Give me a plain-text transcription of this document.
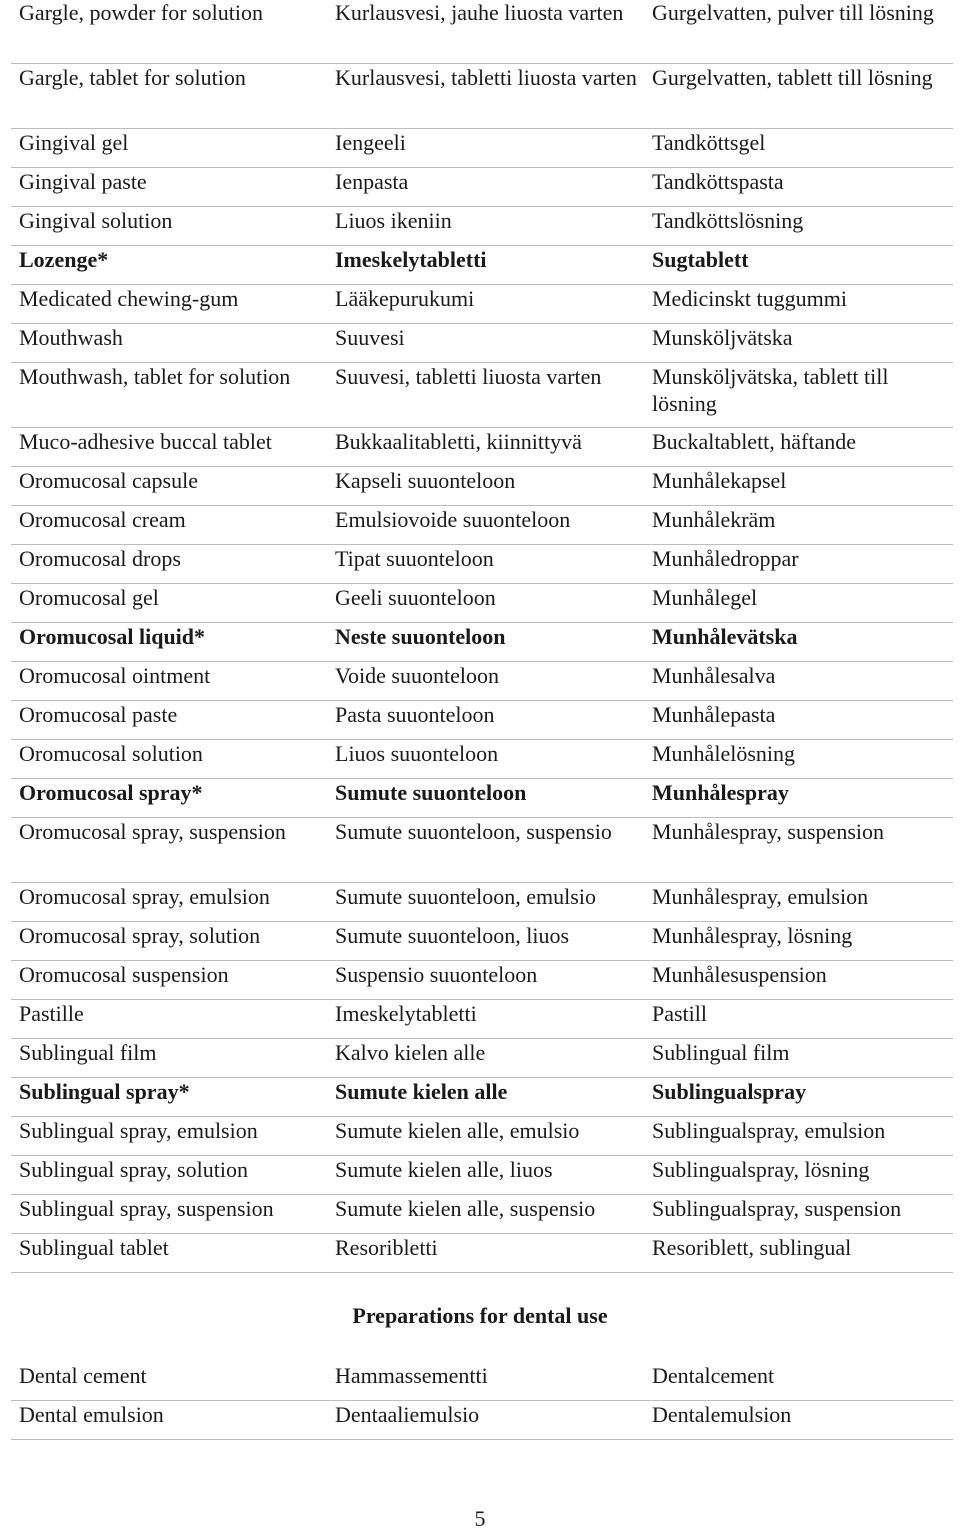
Gargle, powder for solution	Kurlausvesi, jauhe liuosta varten	Gurgelvatten, pulver till lösning
Gargle, tablet for solution	Kurlausvesi, tabletti liuosta varten	Gurgelvatten, tablett till lösning
Gingival gel	Iengeeli	Tandköttsgel
Gingival paste	Ienpasta	Tandköttspasta
Gingival solution	Liuos ikeniin	Tandköttslösning
Lozenge*	Imeskelytabletti	Sugtablett
Medicated chewing-gum	Lääkepurukumi	Medicinskt tuggummi
Mouthwash	Suuvesi	Munsköljvätska
Mouthwash, tablet for solution	Suuvesi, tabletti liuosta varten	Munsköljvätska, tablett till lösning
Muco-adhesive buccal tablet	Bukkaalitabletti, kiinnittyvä	Buckaltablett, häftande
Oromucosal capsule	Kapseli suuonteloon	Munhålekapsel
Oromucosal cream	Emulsiovoide suuonteloon	Munhålekräm
Oromucosal drops	Tipat suuonteloon	Munhåledroppar
Oromucosal gel	Geeli suuonteloon	Munhålegel
Oromucosal liquid*	Neste suuonteloon	Munhålevätska
Oromucosal ointment	Voide suuonteloon	Munhålesalva
Oromucosal paste	Pasta suuonteloon	Munhålepasta
Oromucosal solution	Liuos suuonteloon	Munhålelösning
Oromucosal spray*	Sumute suuonteloon	Munhålespray
Oromucosal spray, suspension	Sumute suuonteloon, suspensio	Munhålespray, suspension
Oromucosal spray, emulsion	Sumute suuonteloon, emulsio	Munhålespray, emulsion
Oromucosal spray, solution	Sumute suuonteloon, liuos	Munhålespray, lösning
Oromucosal suspension	Suspensio suuonteloon	Munhålesuspension
Pastille	Imeskelytabletti	Pastill
Sublingual film	Kalvo kielen alle	Sublingual film
Sublingual spray*	Sumute kielen alle	Sublingualspray
Sublingual spray, emulsion	Sumute kielen alle, emulsio	Sublingualspray, emulsion
Sublingual spray, solution	Sumute kielen alle, liuos	Sublingualspray, lösning
Sublingual spray, suspension	Sumute kielen alle, suspensio	Sublingualspray, suspension
Sublingual tablet	Resoribletti	Resoriblett, sublingual
Preparations for dental use
Dental cement	Hammassementti	Dentalcement
Dental emulsion	Dentaaliemulsio	Dentalemulsion
5
